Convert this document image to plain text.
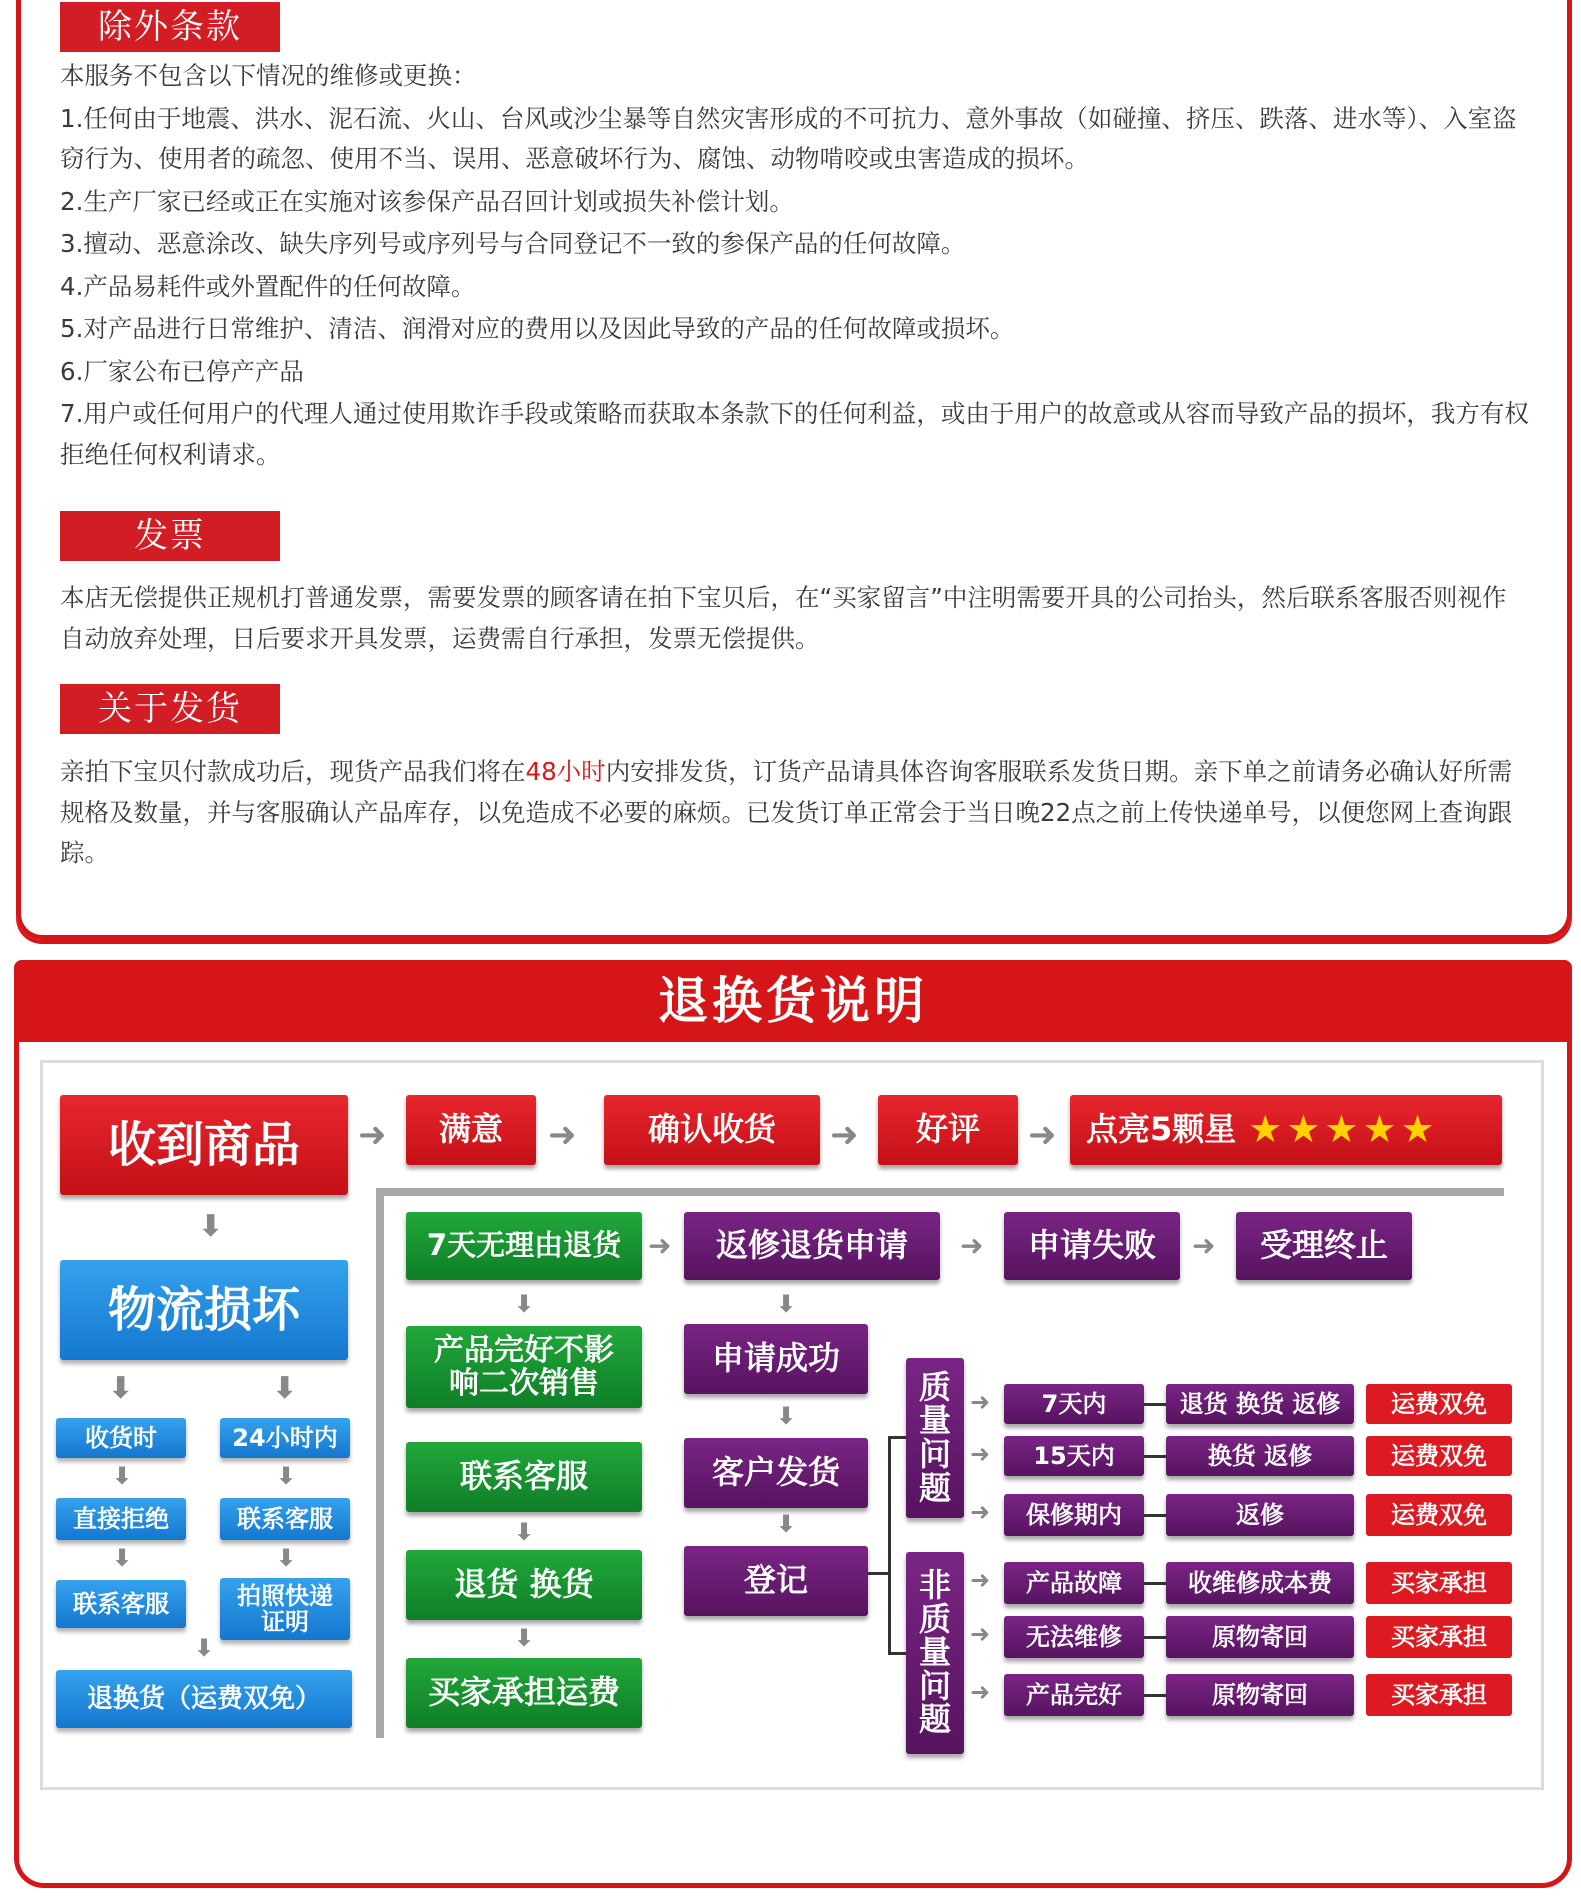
除外条款

本服务不包含以下情况的维修或更换：

1.任何由于地震、洪水、泥石流、火山、台风或沙尘暴等自然灾害形成的不可抗力、意外事故（如碰撞、挤压、跌落、进水等）、入室盗窃行为、使用者的疏忽、使用不当、误用、恶意破坏行为、腐蚀、动物啃咬或虫害造成的损坏。

2.生产厂家已经或正在实施对该参保产品召回计划或损失补偿计划。

3.擅动、恶意涂改、缺失序列号或序列号与合同登记不一致的参保产品的任何故障。

4.产品易耗件或外置配件的任何故障。

5.对产品进行日常维护、清洁、润滑对应的费用以及因此导致的产品的任何故障或损坏。

6.厂家公布已停产产品

7.用户或任何用户的代理人通过使用欺诈手段或策略而获取本条款下的任何利益，或由于用户的故意或从容而导致产品的损坏，我方有权拒绝任何权利请求。

发票
本店无偿提供正规机打普通发票，需要发票的顾客请在拍下宝贝后，在“买家留言”中注明需要开具的公司抬头，然后联系客服否则视作自动放弃处理，日后要求开具发票，运费需自行承担，发票无偿提供。
关于发货
亲拍下宝贝付款成功后，现货产品我们将在48小时内安排发货，订货产品请具体咨询客服联系发货日期。亲下单之前请务必确认好所需规格及数量，并与客服确认产品库存，以免造成不必要的麻烦。已发货订单正常会于当日晚22点之前上传快递单号，以便您网上查询跟踪。
退换货说明
收到商品	➜	满意	➜	确认收货	➜	好评	➜ 点亮5颗星 ★★★★★
⬇
物流损坏
⬇	⬇
收货时	24小时内
⬇	⬇
直接拒绝	联系客服
⬇	⬇
联系客服	拍照快递证明
⬇
退换货（运费双免）
7天无理由退货
⬇
产品完好不影响二次销售
联系客服
⬇
退货 换货
⬇
买家承担运费
➜	返修退货申请	➜	申请失败	➜	受理终止
⬇
申请成功
⬇
客户发货
⬇
登记
质量问题
非质量问题
➜	7天内	退货 换货 返修	运费双免
➜	15天内	换货 返修	运费双免
➜	保修期内	返修	运费双免
➜	产品故障	收维修成本费	买家承担
➜	无法维修	原物寄回	买家承担
➜	产品完好	原物寄回	买家承担
